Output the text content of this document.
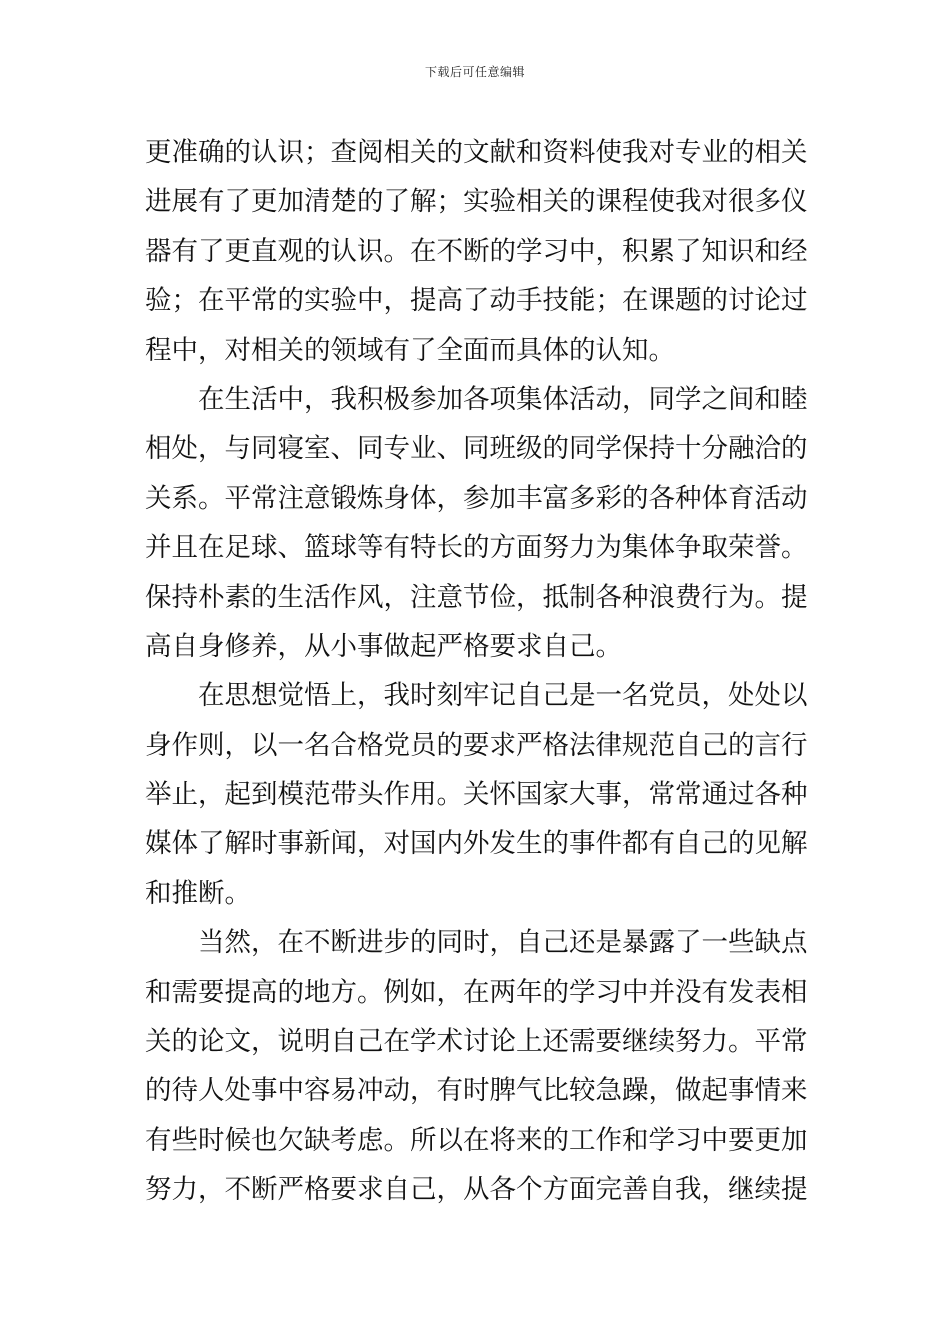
下载后可任意编辑
更准确的认识；查阅相关的文献和资料使我对专业的相关
进展有了更加清楚的了解；实验相关的课程使我对很多仪
器有了更直观的认识。在不断的学习中，积累了知识和经
验；在平常的实验中，提高了动手技能；在课题的讨论过
程中，对相关的领域有了全面而具体的认知。
在生活中，我积极参加各项集体活动，同学之间和睦
相处，与同寝室、同专业、同班级的同学保持十分融洽的
关系。平常注意锻炼身体，参加丰富多彩的各种体育活动
并且在足球、篮球等有特长的方面努力为集体争取荣誉。
保持朴素的生活作风，注意节俭，抵制各种浪费行为。提
高自身修养，从小事做起严格要求自己。
在思想觉悟上，我时刻牢记自己是一名党员，处处以
身作则，以一名合格党员的要求严格法律规范自己的言行
举止，起到模范带头作用。关怀国家大事，常常通过各种
媒体了解时事新闻，对国内外发生的事件都有自己的见解
和推断。
当然，在不断进步的同时，自己还是暴露了一些缺点
和需要提高的地方。例如，在两年的学习中并没有发表相
关的论文，说明自己在学术讨论上还需要继续努力。平常
的待人处事中容易冲动，有时脾气比较急躁，做起事情来
有些时候也欠缺考虑。所以在将来的工作和学习中要更加
努力，不断严格要求自己，从各个方面完善自我，继续提
